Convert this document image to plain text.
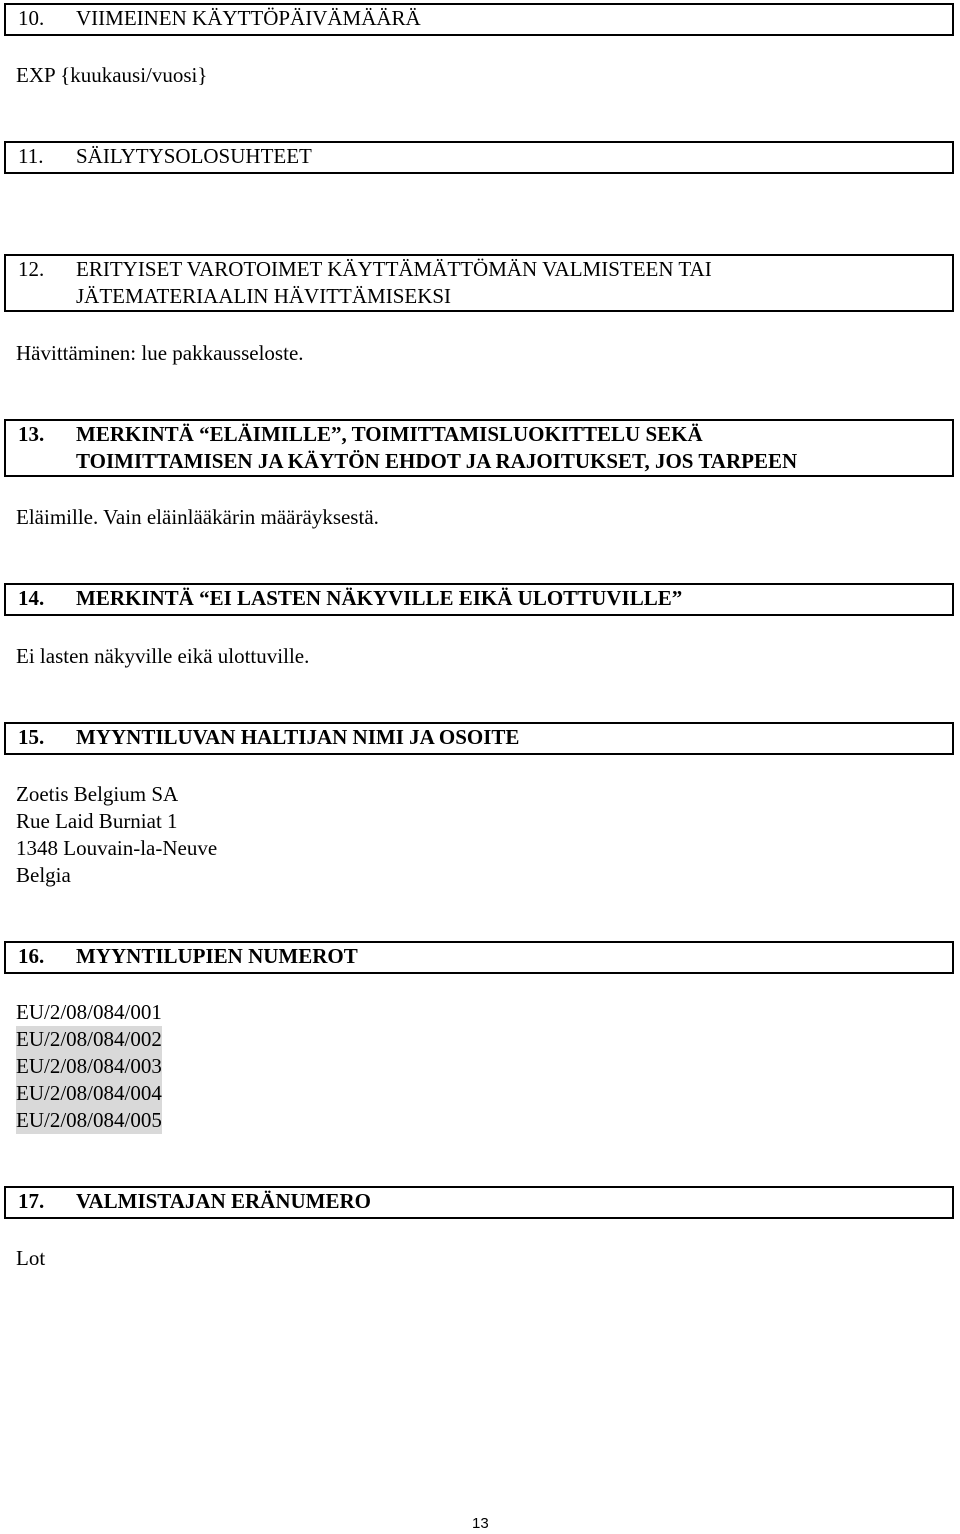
10. VIIMEINEN KÄYTTÖPÄIVÄMÄÄRÄ
EXP {kuukausi/vuosi}
11. SÄILYTYSOLOSUHTEET
12.	ERITYISET VAROTOIMET KÄYTTÄMÄTTÖMÄN VALMISTEEN TAI
JÄTEMATERIAALIN HÄVITTÄMISEKSI
Hävittäminen: lue pakkausseloste.
13.	MERKINTÄ “ELÄIMILLE”, TOIMITTAMISLUOKITTELU SEKÄ
TOIMITTAMISEN JA KÄYTÖN EHDOT JA RAJOITUKSET, JOS TARPEEN
Eläimille. Vain eläinlääkärin määräyksestä.
14. MERKINTÄ “EI LASTEN NÄKYVILLE EIKÄ ULOTTUVILLE”
Ei lasten näkyville eikä ulottuville.
15. MYYNTILUVAN HALTIJAN NIMI JA OSOITE
Zoetis Belgium SA
Rue Laid Burniat 1
1348 Louvain-la-Neuve
Belgia
16. MYYNTILUPIEN NUMEROT
EU/2/08/084/001
EU/2/08/084/002
EU/2/08/084/003
EU/2/08/084/004
EU/2/08/084/005
17. VALMISTAJAN ERÄNUMERO
Lot
13
